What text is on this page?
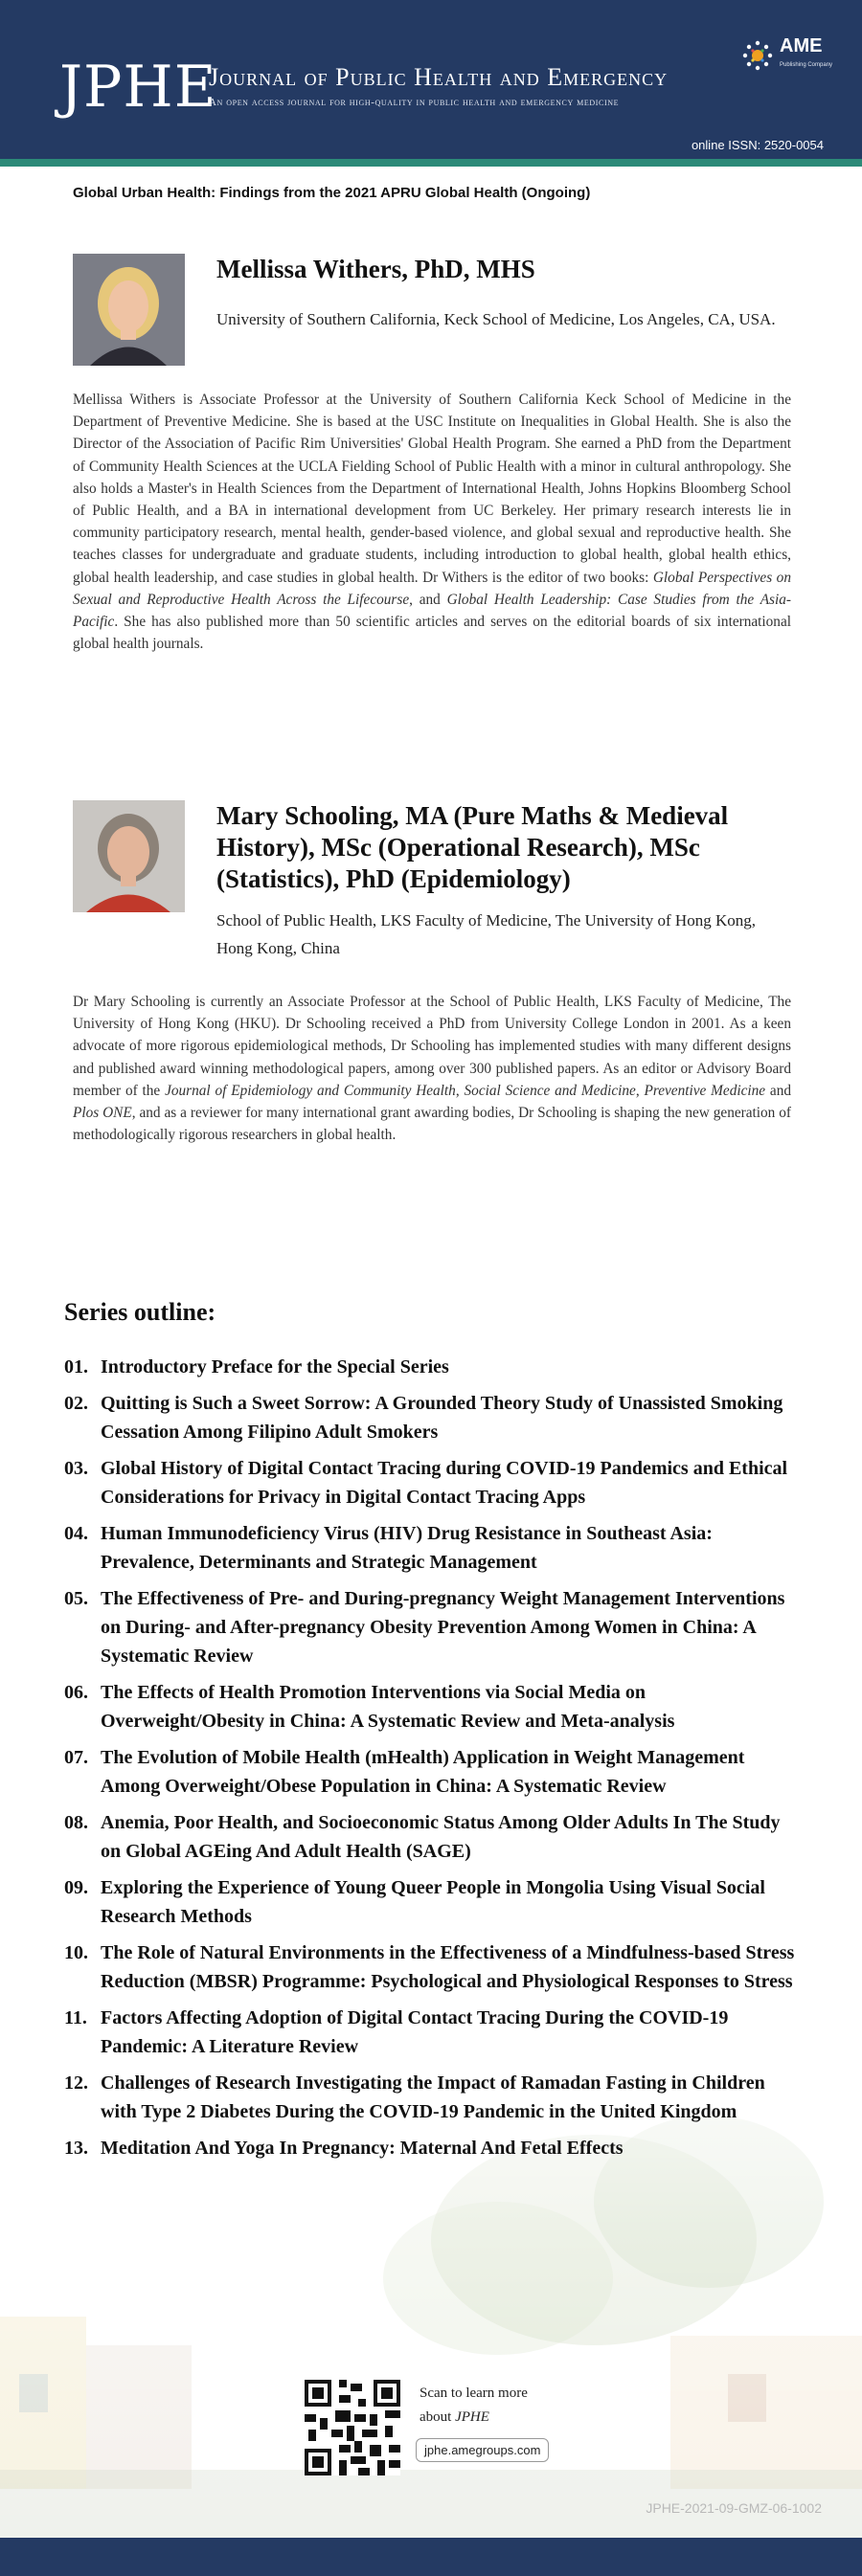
JPHE
Journal of Public Health and Emergency
An open access journal for high-quality in public health and emergency medicine
AME
Publishing Company
online ISSN: 2520-0054
Global Urban Health: Findings from the 2021 APRU Global Health (Ongoing)
Mellissa Withers, PhD, MHS
University of Southern California, Keck School of Medicine, Los Angeles, CA, USA.

Mellissa Withers is Associate Professor at the University of Southern California Keck School of Medicine in the Department of Preventive Medicine. She is based at the USC Institute on Inequalities in Global Health. She is also the Director of the Association of Pacific Rim Universities' Global Health Program. She earned a PhD from the Department of Community Health Sciences at the UCLA Fielding School of Public Health with a minor in cultural anthropology. She also holds a Master's in Health Sciences from the Department of International Health, Johns Hopkins Bloomberg School of Public Health, and a BA in international development from UC Berkeley. Her primary research interests lie in community participatory research, mental health, gender-based violence, and global sexual and reproductive health. She teaches classes for undergraduate and graduate students, including introduction to global health, global health ethics, global health leadership, and case studies in global health. Dr Withers is the editor of two books: Global Perspectives on Sexual and Reproductive Health Across the Lifecourse, and Global Health Leadership: Case Studies from the Asia-Pacific. She has also published more than 50 scientific articles and serves on the editorial boards of six international global health journals.

Mary Schooling, MA (Pure Maths & Medieval History), MSc (Operational Research), MSc (Statistics), PhD (Epidemiology)
School of Public Health, LKS Faculty of Medicine, The University of Hong Kong, Hong Kong, China

Dr Mary Schooling is currently an Associate Professor at the School of Public Health, LKS Faculty of Medicine, The University of Hong Kong (HKU). Dr Schooling received a PhD from University College London in 2001. As a keen advocate of more rigorous epidemiological methods, Dr Schooling has implemented studies with many different designs and published award winning methodological papers, among over 300 published papers. As an editor or Advisory Board member of the Journal of Epidemiology and Community Health, Social Science and Medicine, Preventive Medicine and Plos ONE, and as a reviewer for many international grant awarding bodies, Dr Schooling is shaping the new generation of methodologically rigorous researchers in global health.

Series outline:
01. Introductory Preface for the Special Series
02. Quitting is Such a Sweet Sorrow: A Grounded Theory Study of Unassisted Smoking Cessation Among Filipino Adult Smokers
03. Global History of Digital Contact Tracing during COVID-19 Pandemics and Ethical Considerations for Privacy in Digital Contact Tracing Apps
04. Human Immunodeficiency Virus (HIV) Drug Resistance in Southeast Asia: Prevalence, Determinants and Strategic Management
05. The Effectiveness of Pre- and During-pregnancy Weight Management Interventions on During- and After-pregnancy Obesity Prevention Among Women in China: A Systematic Review
06. The Effects of Health Promotion Interventions via Social Media on Overweight/Obesity in China: A Systematic Review and Meta-analysis
07. The Evolution of Mobile Health (mHealth) Application in Weight Management Among Overweight/Obese Population in China: A Systematic Review
08. Anemia, Poor Health, and Socioeconomic Status Among Older Adults In The Study on Global AGEing And Adult Health (SAGE)
09. Exploring the Experience of Young Queer People in Mongolia Using Visual Social Research Methods
10. The Role of Natural Environments in the Effectiveness of a Mindfulness-based Stress Reduction (MBSR) Programme: Psychological and Physiological Responses to Stress
11. Factors Affecting Adoption of Digital Contact Tracing During the COVID-19 Pandemic: A Literature Review
12. Challenges of Research Investigating the Impact of Ramadan Fasting in Children with Type 2 Diabetes During the COVID-19 Pandemic in the United Kingdom
13. Meditation And Yoga In Pregnancy: Maternal And Fetal Effects
Scan to learn more
about JPHE
jphe.amegroups.com
JPHE-2021-09-GMZ-06-1002
